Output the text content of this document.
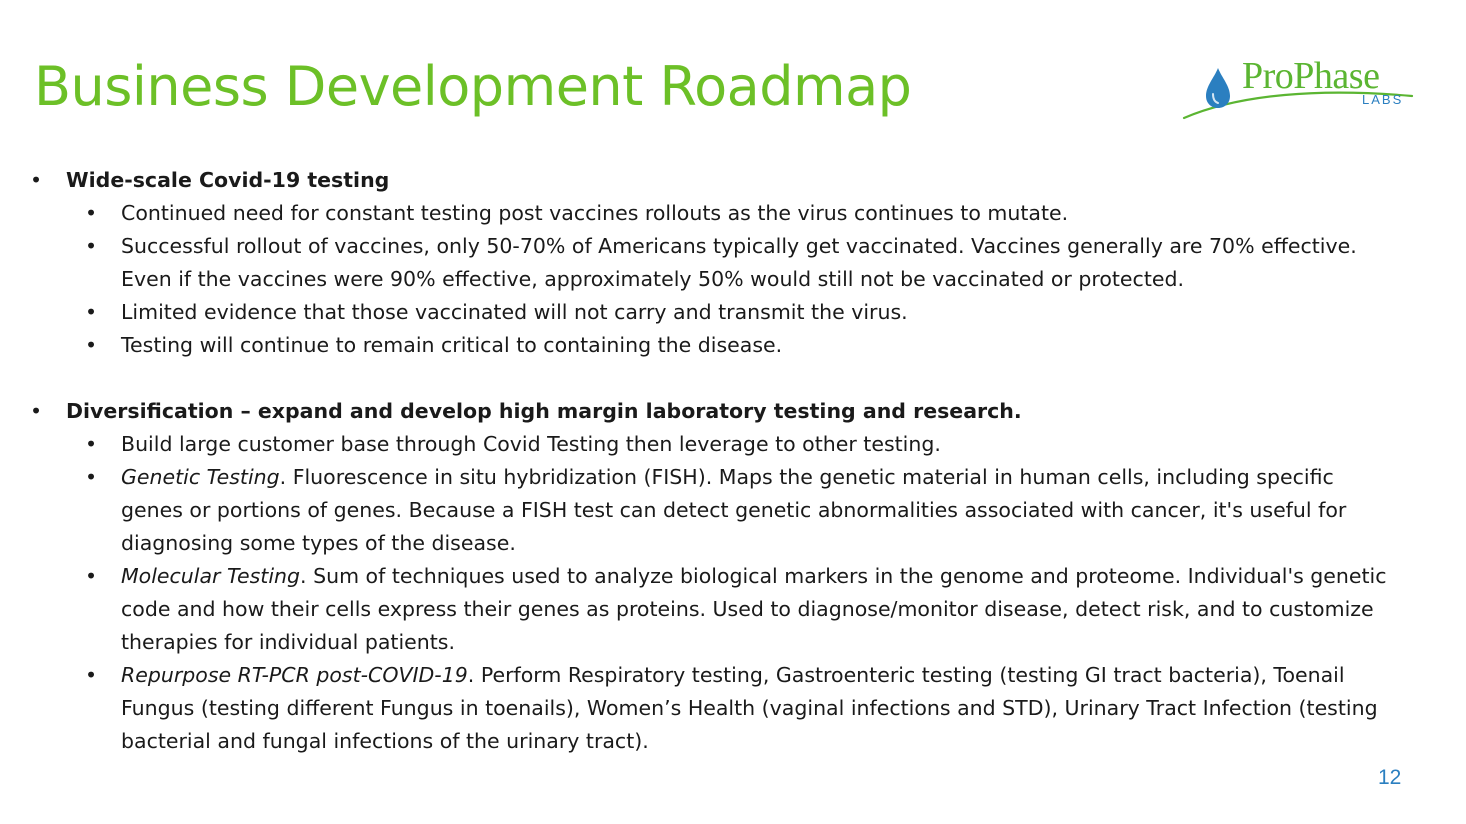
Business Development Roadmap	ProPhase
LABS
• Wide-scale Covid-19 testing
• Continued need for constant testing post vaccines rollouts as the virus continues to mutate.
• Successful rollout of vaccines, only 50-70% of Americans typically get vaccinated. Vaccines generally are 70% effective. Even if the vaccines were 90% effective, approximately 50% would still not be vaccinated or protected.
• Limited evidence that those vaccinated will not carry and transmit the virus.
• Testing will continue to remain critical to containing the disease.
• Diversification – expand and develop high margin laboratory testing and research.
• Build large customer base through Covid Testing then leverage to other testing.
• Genetic Testing. Fluorescence in situ hybridization (FISH). Maps the genetic material in human cells, including specific genes or portions of genes. Because a FISH test can detect genetic abnormalities associated with cancer, it's useful for diagnosing some types of the disease.
• Molecular Testing. Sum of techniques used to analyze biological markers in the genome and proteome. Individual's genetic code and how their cells express their genes as proteins. Used to diagnose/monitor disease, detect risk, and to customize therapies for individual patients.
• Repurpose RT-PCR post-COVID-19. Perform Respiratory testing, Gastroenteric testing (testing GI tract bacteria), Toenail Fungus (testing different Fungus in toenails), Women’s Health (vaginal infections and STD), Urinary Tract Infection (testing bacterial and fungal infections of the urinary tract).
12
